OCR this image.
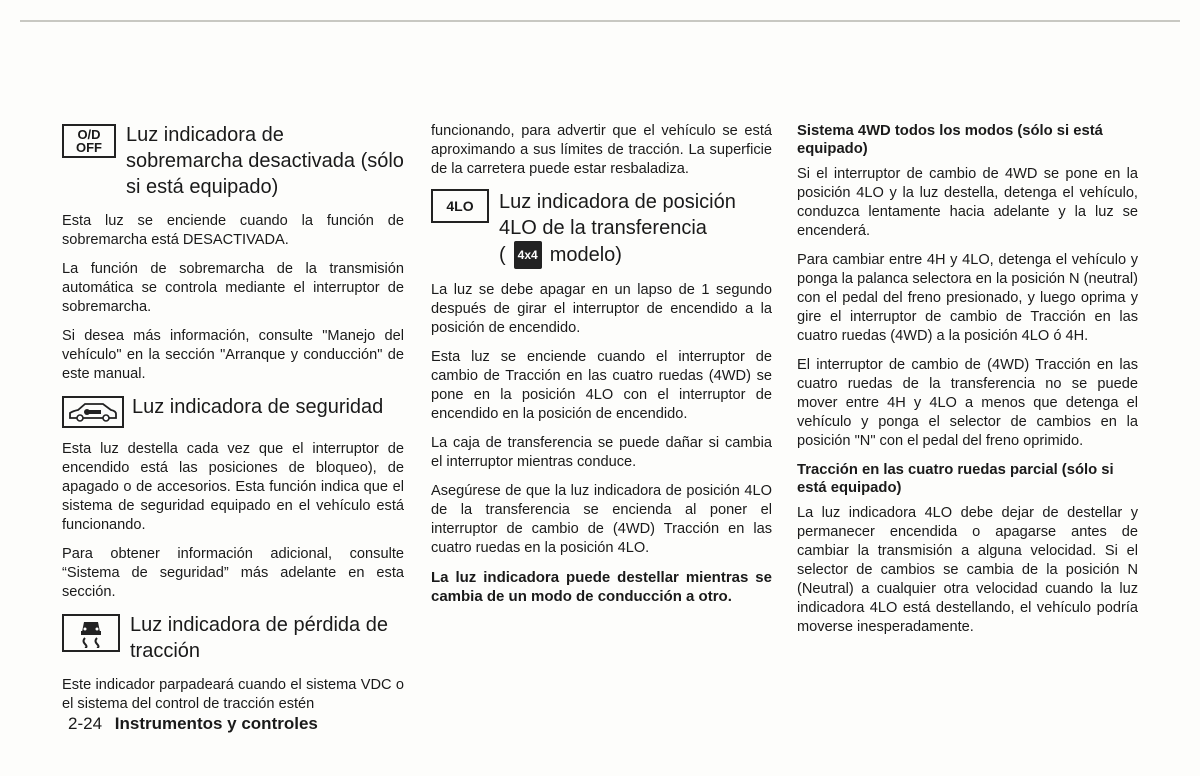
O/D
OFF
Luz indicadora de sobremarcha desactivada (sólo si está equipado)

Esta luz se enciende cuando la función de sobremarcha está DESACTIVADA.

La función de sobremarcha de la transmisión automática se controla mediante el interruptor de sobremarcha.

Si desea más información, consulte "Manejo del vehículo" en la sección "Arranque y conducción" de este manual.

Luz indicadora de seguridad

Esta luz destella cada vez que el interruptor de encendido está las posiciones de bloqueo), de apagado o de accesorios. Esta función indica que el sistema de seguridad equipado en el vehículo está funcionando.

Para obtener información adicional, consulte “Sistema de seguridad” más adelante en esta sección.

Luz indicadora de pérdida de tracción

Este indicador parpadeará cuando el sistema VDC o el sistema del control de tracción estén

funcionando, para advertir que el vehículo se está aproximando a sus límites de tracción. La superficie de la carretera puede estar resbaladiza.

4LO	Luz indicadora de posición 4LO de la transferencia
( 4x4 modelo)

La luz se debe apagar en un lapso de 1 segundo después de girar el interruptor de encendido a la posición de encendido.

Esta luz se enciende cuando el interruptor de cambio de Tracción en las cuatro ruedas (4WD) se pone en la posición 4LO con el interruptor de encendido en la posición de encendido.

La caja de transferencia se puede dañar si cambia el interruptor mientras conduce.

Asegúrese de que la luz indicadora de posición 4LO de la transferencia se encienda al poner el interruptor de cambio de (4WD) Tracción en las cuatro ruedas en la posición 4LO.

La luz indicadora puede destellar mientras se cambia de un modo de conducción a otro.

Sistema 4WD todos los modos (sólo si está equipado)

Si el interruptor de cambio de 4WD se pone en la posición 4LO y la luz destella, detenga el vehículo, conduzca lentamente hacia adelante y la luz se encenderá.

Para cambiar entre 4H y 4LO, detenga el vehículo y ponga la palanca selectora en la posición N (neutral) con el pedal del freno presionado, y luego oprima y gire el interruptor de cambio de Tracción en las cuatro ruedas (4WD) a la posición 4LO ó 4H.

El interruptor de cambio de (4WD) Tracción en las cuatro ruedas de la transferencia no se puede mover entre 4H y 4LO a menos que detenga el vehículo y ponga el selector de cambios en la posición "N" con el pedal del freno oprimido.

Tracción en las cuatro ruedas parcial (sólo si está equipado)

La luz indicadora 4LO debe dejar de destellar y permanecer encendida o apagarse antes de cambiar la transmisión a alguna velocidad. Si el selector de cambios se cambia de la posición N (Neutral) a cualquier otra velocidad cuando la luz indicadora 4LO está destellando, el vehículo podría moverse inesperadamente.

2-24 Instrumentos y controles
